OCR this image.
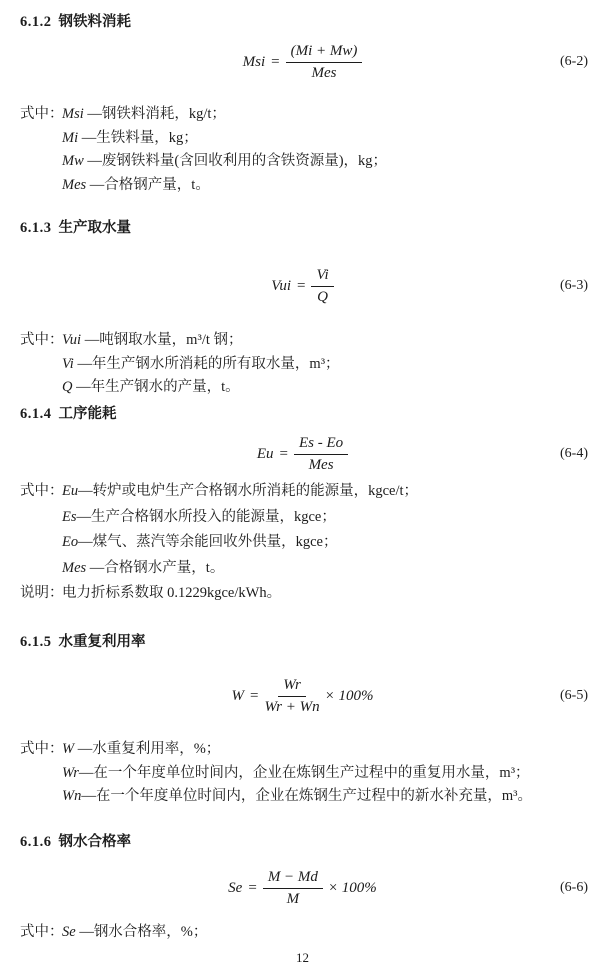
6.1.2 钢铁料消耗
Msi = $\frac{(Mi + Mw)}{\text{Mes}}$	(6-2)
式中：Msi —钢铁料消耗，kg/t；
Mi —生铁料量，kg；
Mw —废钢铁料量(含回收利用的含铁资源量)，kg；
Mes —合格钢产量，t。
6.1.3 生产取水量
Vui = $\frac{Vi}{Q}$	(6-3)
式中：Vui —吨钢取水量，m³/t 钢；
Vi —年生产钢水所消耗的所有取水量，m³；
Q —年生产钢水的产量，t。
6.1.4 工序能耗
$Eu = \frac{Es - Eo}{\text{Mes}}$	(6-4)
式中：Eu—转炉或电炉生产合格钢水所消耗的能源量，kgce/t；
Es—生产合格钢水所投入的能源量，kgce；
Eo—煤气、蒸汽等余能回收外供量，kgce；
Mes —合格钢水产量，t。
说明：电力折标系数取 0.1229kgce/kWh。
6.1.5 水重复利用率
$W = \frac{Wr}{Wr + Wn} \times 100\%$	(6-5)
式中：W —水重复利用率，%；
Wr—在一个年度单位时间内，企业在炼钢生产过程中的重复用水量，m³；
Wn—在一个年度单位时间内，企业在炼钢生产过程中的新水补充量，m³。
6.1.6 钢水合格率
$Se = \frac{M - Md}{M} \times 100\%$	(6-6)
式中：Se —钢水合格率，%；
12
